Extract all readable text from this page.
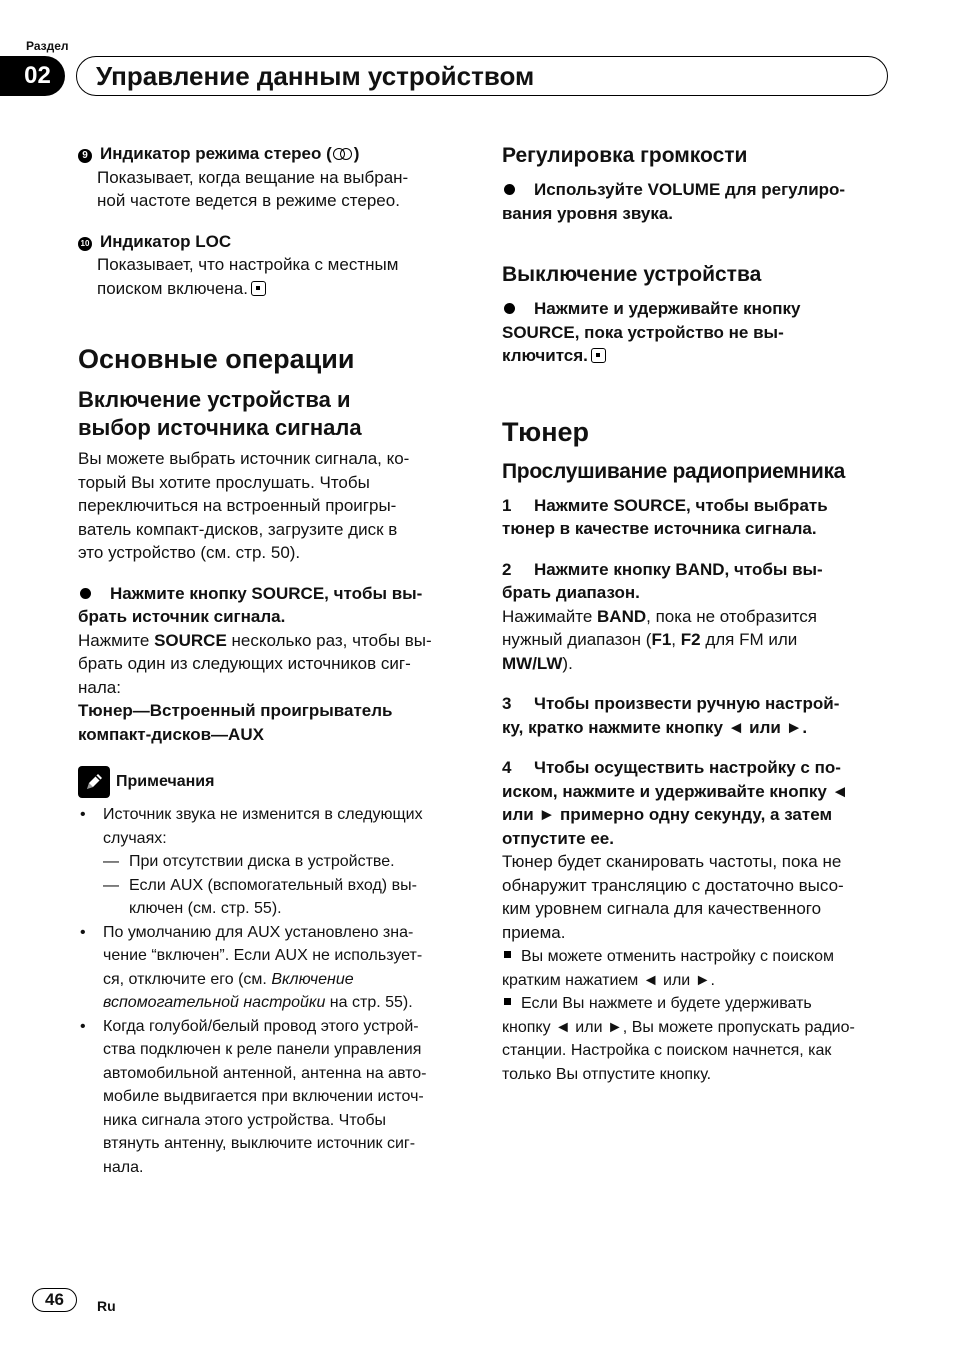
Раздел
02	Управление данным устройством
9 Индикатор режима стерео ( )
Показывает, когда вещание на выбран-
ной частоте ведется в режиме стерео.
10 Индикатор LOC
Показывает, что настройка с местным
поиском включена.
Основные операции
Включение устройства и
выбор источника сигнала
Вы можете выбрать источник сигнала, ко-
торый Вы хотите прослушать. Чтобы
переключиться на встроенный проигры-
ватель компакт-дисков, загрузите диск в
это устройство (см. стр. 50).
Нажмите кнопку SOURCE, чтобы вы-
брать источник сигнала.
Нажмите SOURCE несколько раз, чтобы вы-
брать один из следующих источников сиг-
нала:
Тюнер—Встроенный проигрыватель
компакт-дисков—AUX
Примечания
• Источник звука не изменится в следующих
случаях:
— При отсутствии диска в устройстве.
— Если AUX (вспомогательный вход) вы-
ключен (см. стр. 55).
• По умолчанию для AUX установлено зна-
чение “включен”. Если AUX не использует-
ся, отключите его (см. Включение
вспомогательной настройки на стр. 55).
• Когда голубой/белый провод этого устрой-
ства подключен к реле панели управления
автомобильной антенной, антенна на авто-
мобиле выдвигается при включении источ-
ника сигнала этого устройства. Чтобы
втянуть антенну, выключите источник сиг-
нала.
Регулировка громкости
Используйте VOLUME для регулиро-
вания уровня звука.
Выключение устройства
Нажмите и удерживайте кнопку
SOURCE, пока устройство не вы-
ключится.
Тюнер
Прослушивание радиоприемника
1 Нажмите SOURCE, чтобы выбрать
тюнер в качестве источника сигнала.
2 Нажмите кнопку BAND, чтобы вы-
брать диапазон.
Нажимайте BAND, пока не отобразится
нужный диапазон (F1, F2 для FM или
MW/LW).
3 Чтобы произвести ручную настрой-
ку, кратко нажмите кнопку ◄ или ►.
4 Чтобы осуществить настройку с по-
иском, нажмите и удерживайте кнопку ◄
или ► примерно одну секунду, а затем
отпустите ее.
Тюнер будет сканировать частоты, пока не
обнаружит трансляцию с достаточно высо-
ким уровнем сигнала для качественного
приема.
Вы можете отменить настройку с поиском
кратким нажатием ◄ или ►.
Если Вы нажмете и будете удерживать
кнопку ◄ или ►, Вы можете пропускать радио-
станции. Настройка с поиском начнется, как
только Вы отпустите кнопку.
46	Ru
